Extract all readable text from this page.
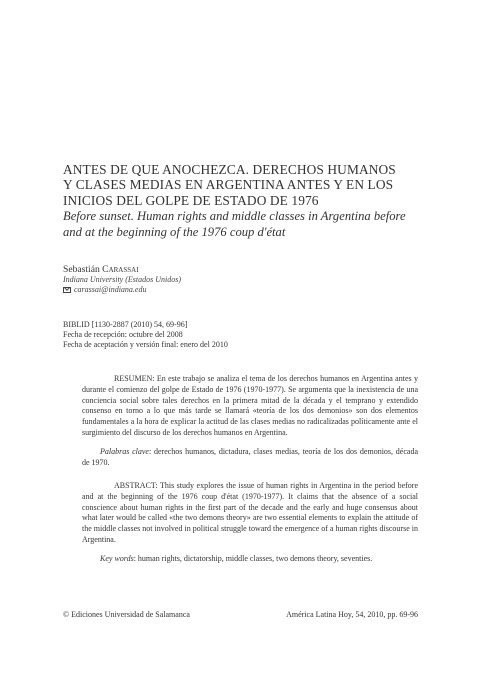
ANTES DE QUE ANOCHEZCA. DERECHOS HUMANOS
Y CLASES MEDIAS EN ARGENTINA ANTES Y EN LOS
INICIOS DEL GOLPE DE ESTADO DE 1976
Before sunset. Human rights and middle classes in Argentina before
and at the beginning of the 1976 coup d'état
Sebastián Carassai
Indiana University (Estados Unidos)
carassai@indiana.edu
BIBLID [1130-2887 (2010) 54, 69-96]
Fecha de recepción: octubre del 2008
Fecha de aceptación y versión final: enero del 2010

RESUMEN: En este trabajo se analiza el tema de los derechos humanos en Argentina antes y durante el comienzo del golpe de Estado de 1976 (1970-1977). Se argumenta que la inexistencia de una conciencia social sobre tales derechos en la primera mitad de la década y el temprano y extendido consenso en torno a lo que más tarde se llamará «teoría de los dos demonios» son dos elementos fundamentales a la hora de explicar la actitud de las clases medias no radicalizadas políticamente ante el surgimiento del discurso de los derechos humanos en Argentina.

Palabras clave: derechos humanos, dictadura, clases medias, teoría de los dos demonios, década de 1970.

ABSTRACT: This study explores the issue of human rights in Argentina in the period before and at the beginning of the 1976 coup d'état (1970-1977). It claims that the absence of a social conscience about human rights in the first part of the decade and the early and huge consensus about what later would be called «the two demons theory» are two essential elements to explain the attitude of the middle classes not involved in political struggle toward the emergence of a human rights discourse in Argentina.

Key words: human rights, dictatorship, middle classes, two demons theory, seventies.

© Ediciones Universidad de Salamanca	América Latina Hoy, 54, 2010, pp. 69-96
